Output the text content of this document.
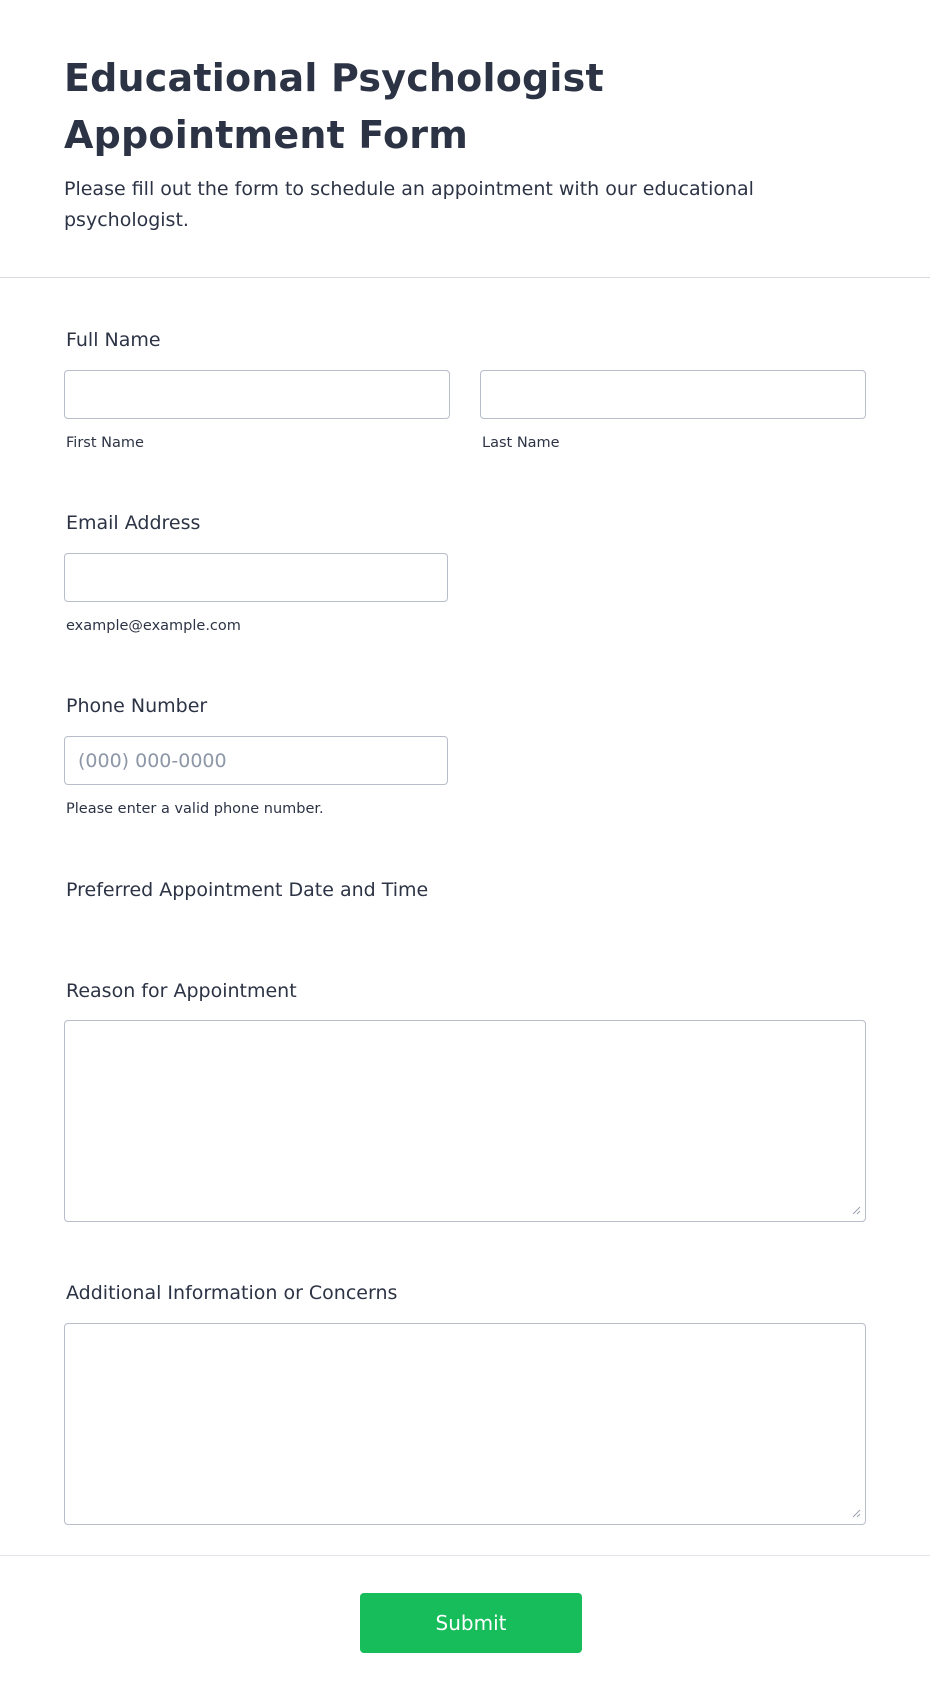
Educational Psychologist Appointment Form

Please fill out the form to schedule an appointment with our educational psychologist.

Full Name
First Name	Last Name
Email Address
example@example.com
Phone Number
(000) 000-0000
Please enter a valid phone number.
Preferred Appointment Date and Time
Reason for Appointment
Additional Information or Concerns
Submit
